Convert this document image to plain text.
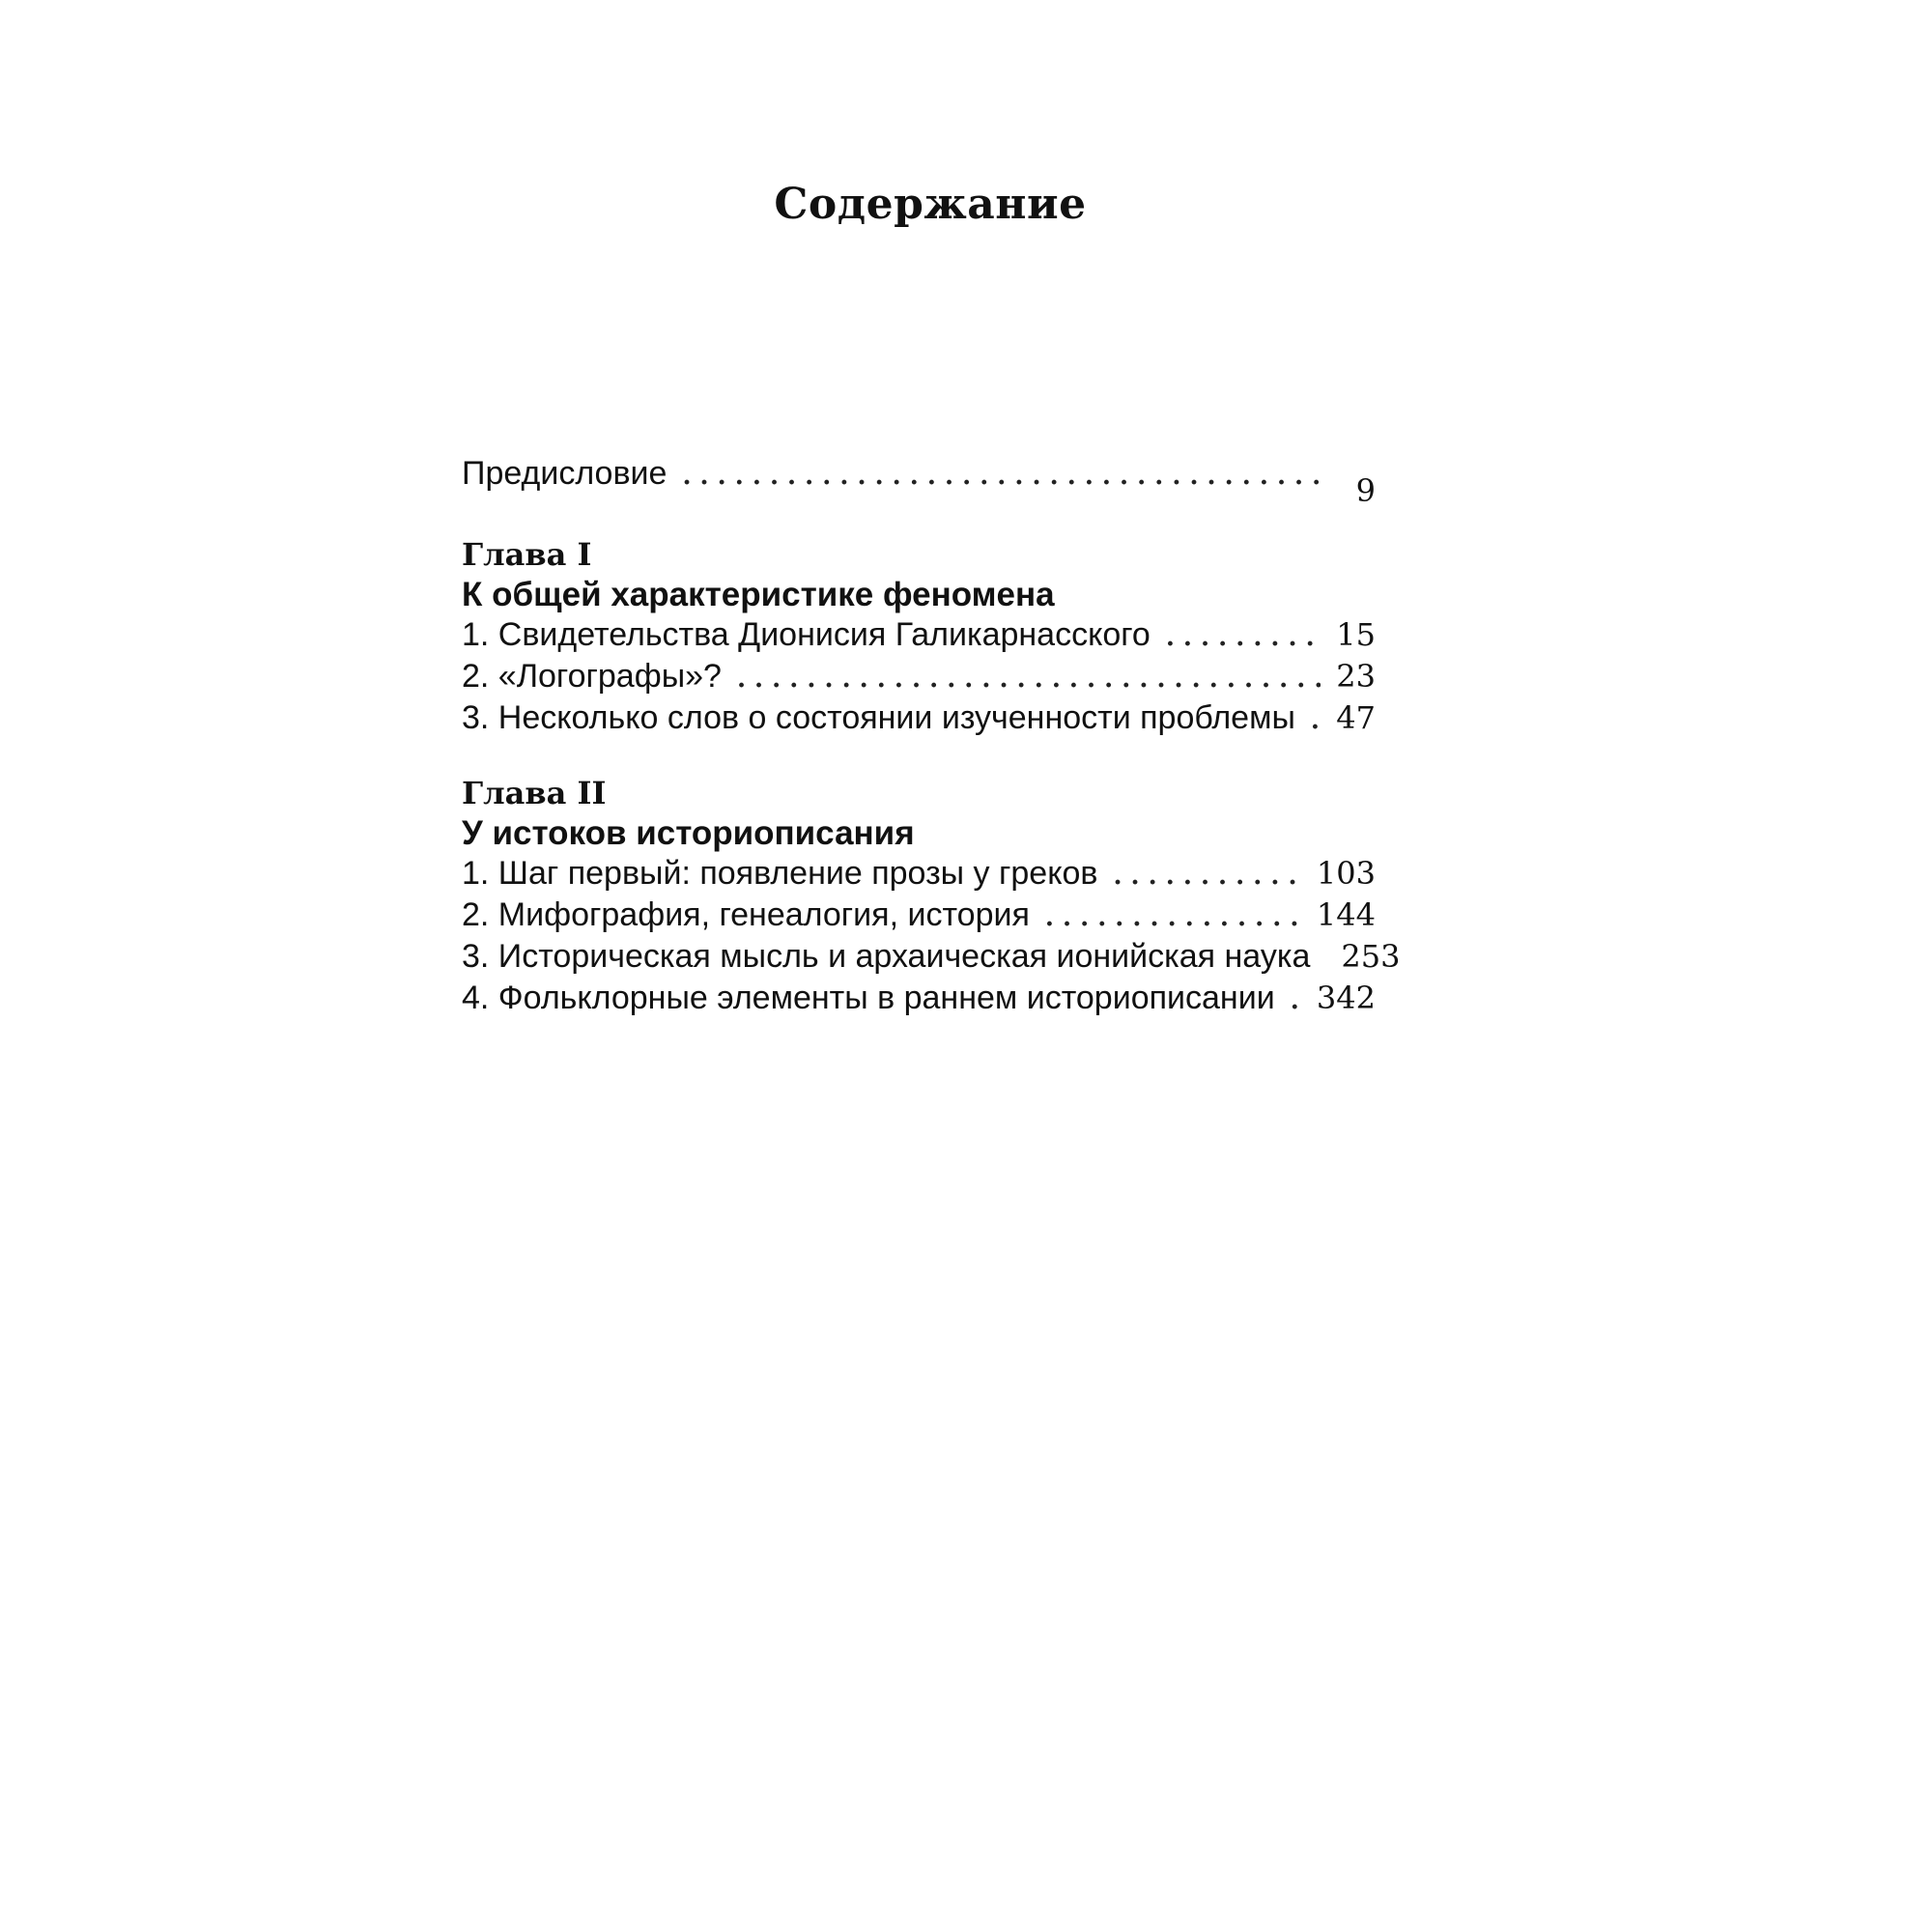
Содержание
Предисловие . . .	9
Глава I
К общей характеристике феномена
1. Свидетельства Дионисия Галикарнасского . . .	15
2. «Логографы»? . . .	23
3. Несколько слов о состоянии изученности проблемы . . . 47
Глава II
У истоков историописания
1. Шаг первый: появление прозы у греков . . .	103
2. Мифография, генеалогия, история . . .	144
3. Историческая мысль и архаическая ионийская наука 253
4. Фольклорные элементы в раннем историописании . . . 342
